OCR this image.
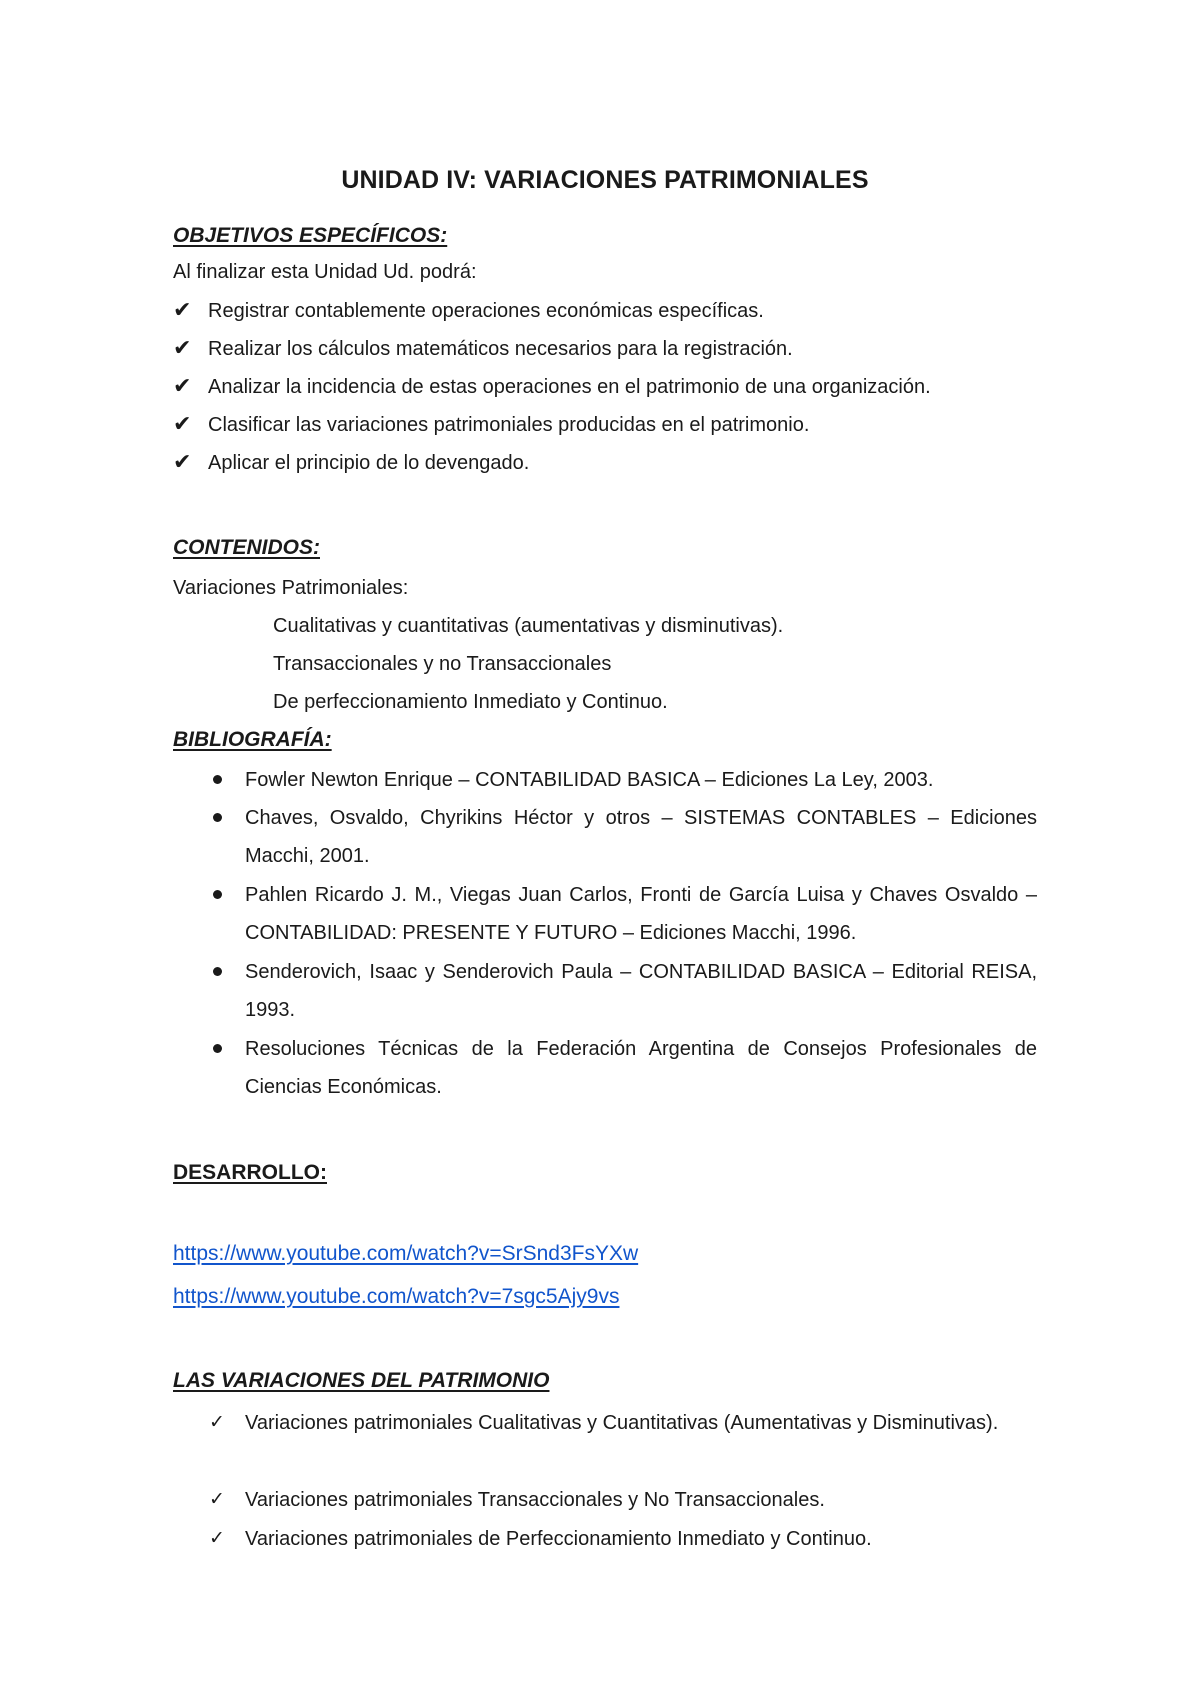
UNIDAD IV: VARIACIONES PATRIMONIALES
OBJETIVOS ESPECÍFICOS:
Al finalizar esta Unidad Ud. podrá:
✔ Registrar contablemente operaciones económicas específicas.
✔ Realizar los cálculos matemáticos necesarios para la registración.
✔ Analizar la incidencia de estas operaciones en el patrimonio de una organización.
✔ Clasificar las variaciones patrimoniales producidas en el patrimonio.
✔ Aplicar el principio de lo devengado.
CONTENIDOS:
Variaciones Patrimoniales:
Cualitativas y cuantitativas (aumentativas y disminutivas).
Transaccionales y no Transaccionales
De perfeccionamiento Inmediato y Continuo.
BIBLIOGRAFÍA:
Fowler Newton Enrique – CONTABILIDAD BASICA – Ediciones La Ley, 2003.
Chaves, Osvaldo, Chyrikins Héctor y otros – SISTEMAS CONTABLES – Ediciones Macchi, 2001.
Pahlen Ricardo J. M., Viegas Juan Carlos, Fronti de García Luisa y Chaves Osvaldo – CONTABILIDAD: PRESENTE Y FUTURO – Ediciones Macchi, 1996.
Senderovich, Isaac y Senderovich Paula – CONTABILIDAD BASICA – Editorial REISA, 1993.
Resoluciones Técnicas de la Federación Argentina de Consejos Profesionales de Ciencias Económicas.
DESARROLLO:
https://www.youtube.com/watch?v=SrSnd3FsYXw
https://www.youtube.com/watch?v=7sgc5Ajy9vs
LAS VARIACIONES DEL PATRIMONIO
✓ Variaciones patrimoniales Cualitativas y Cuantitativas (Aumentativas y Disminutivas).
✓ Variaciones patrimoniales Transaccionales y No Transaccionales.
✓ Variaciones patrimoniales de Perfeccionamiento Inmediato y Continuo.
